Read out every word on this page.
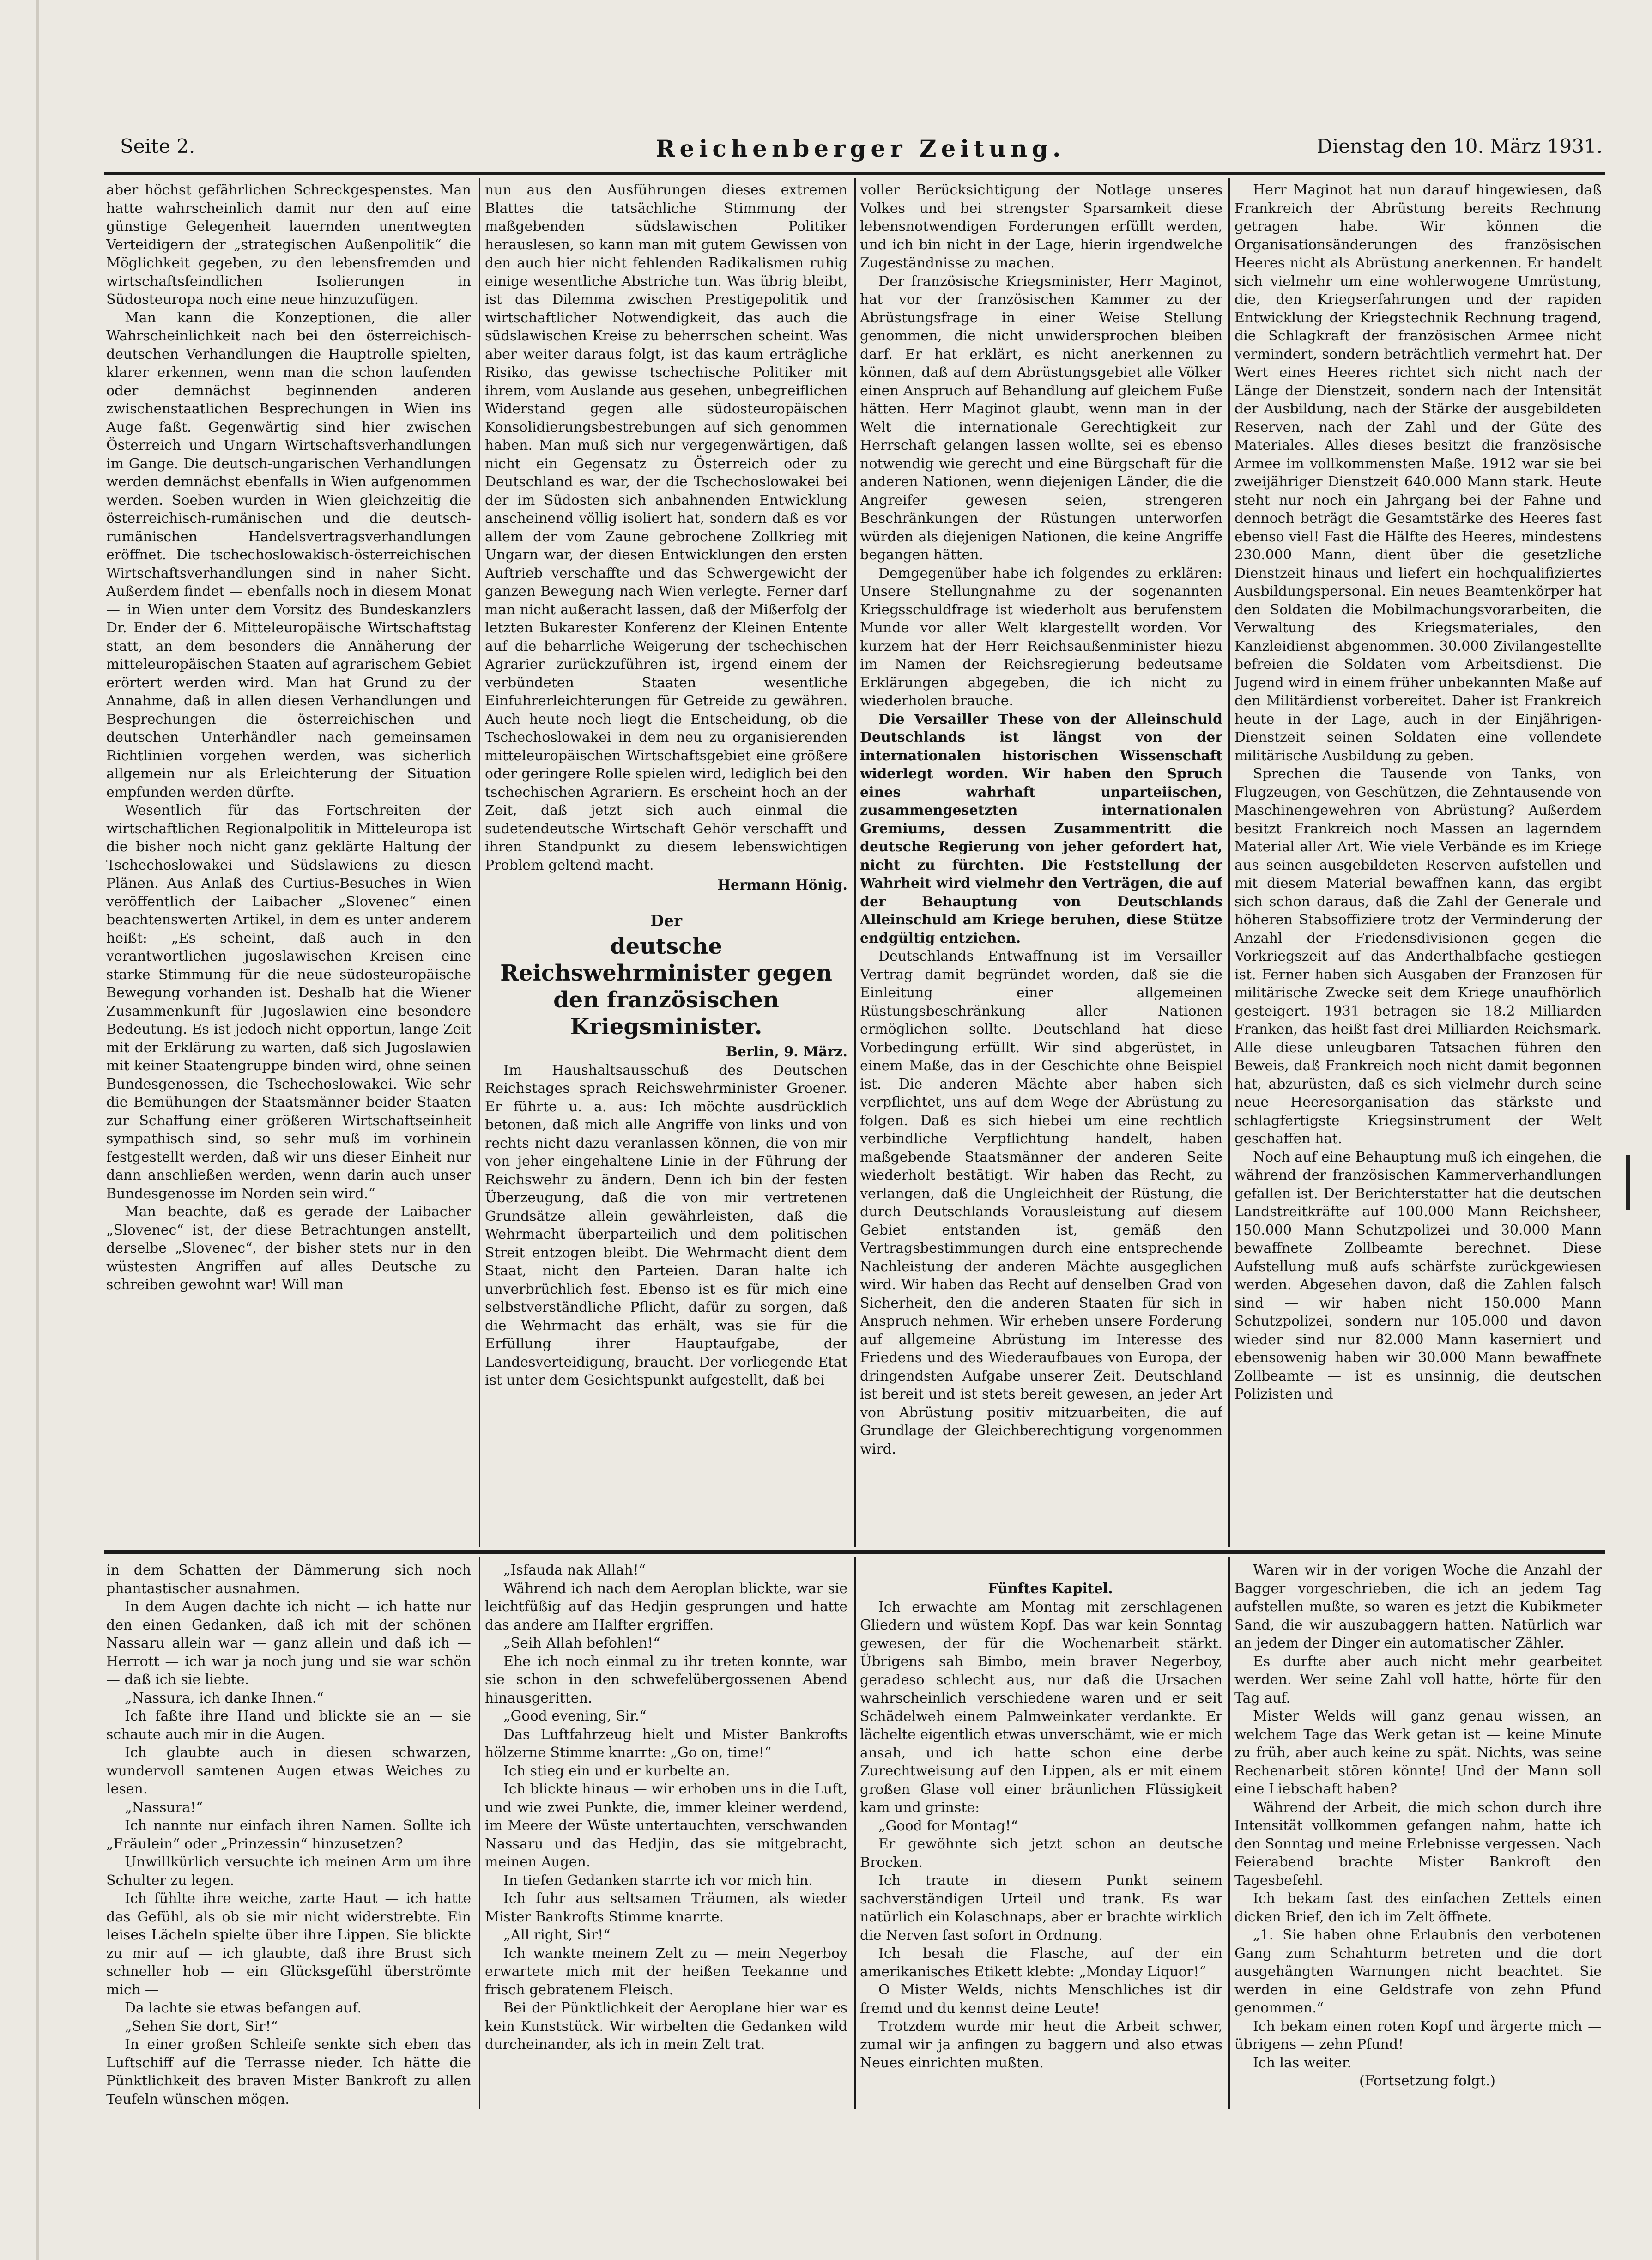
Seite 2.	Reichenberger Zeitung.	Dienstag den 10. März 1931.

aber höchst gefährlichen Schreckgespenstes. Man hatte wahrscheinlich damit nur den auf eine günstige Gelegenheit lauernden unentwegten Verteidigern der „strategischen Außenpolitik“ die Möglichkeit gegeben, zu den lebensfremden und wirtschaftsfeindlichen Isolierungen in Südosteuropa noch eine neue hinzuzufügen.

Man kann die Konzeptionen, die aller Wahrscheinlichkeit nach bei den österreichisch-deutschen Verhandlungen die Hauptrolle spielten, klarer erkennen, wenn man die schon laufenden oder demnächst beginnenden anderen zwischenstaatlichen Besprechungen in Wien ins Auge faßt. Gegenwärtig sind hier zwischen Österreich und Ungarn Wirtschaftsverhandlungen im Gange. Die deutsch-ungarischen Verhandlungen werden demnächst ebenfalls in Wien aufgenommen werden. Soeben wurden in Wien gleichzeitig die österreichisch-rumänischen und die deutsch-rumänischen Handelsvertragsverhandlungen eröffnet. Die tschechoslowakisch-österreichischen Wirtschaftsverhandlungen sind in naher Sicht. Außerdem findet — ebenfalls noch in diesem Monat — in Wien unter dem Vorsitz des Bundeskanzlers Dr. Ender der 6. Mitteleuropäische Wirtschaftstag statt, an dem besonders die Annäherung der mitteleuropäischen Staaten auf agrarischem Gebiet erörtert werden wird. Man hat Grund zu der Annahme, daß in allen diesen Verhandlungen und Besprechungen die österreichischen und deutschen Unterhändler nach gemeinsamen Richtlinien vorgehen werden, was sicherlich allgemein nur als Erleichterung der Situation empfunden werden dürfte.

Wesentlich für das Fortschreiten der wirtschaftlichen Regionalpolitik in Mitteleuropa ist die bisher noch nicht ganz geklärte Haltung der Tschechoslowakei und Südslawiens zu diesen Plänen. Aus Anlaß des Curtius-Besuches in Wien veröffentlich der Laibacher „Slovenec“ einen beachtenswerten Artikel, in dem es unter anderem heißt: „Es scheint, daß auch in den verantwortlichen jugoslawischen Kreisen eine starke Stimmung für die neue südosteuropäische Bewegung vorhanden ist. Deshalb hat die Wiener Zusammenkunft für Jugoslawien eine besondere Bedeutung. Es ist jedoch nicht opportun, lange Zeit mit der Erklärung zu warten, daß sich Jugoslawien mit keiner Staatengruppe binden wird, ohne seinen Bundesgenossen, die Tschechoslowakei. Wie sehr die Bemühungen der Staatsmänner beider Staaten zur Schaffung einer größeren Wirtschaftseinheit sympathisch sind, so sehr muß im vorhinein festgestellt werden, daß wir uns dieser Einheit nur dann anschließen werden, wenn darin auch unser Bundesgenosse im Norden sein wird.“

Man beachte, daß es gerade der Laibacher „Slovenec“ ist, der diese Betrachtungen anstellt, derselbe „Slovenec“, der bisher stets nur in den wüstesten Angriffen auf alles Deutsche zu schreiben gewohnt war! Will man

nun aus den Ausführungen dieses extremen Blattes die tatsächliche Stimmung der maßgebenden südslawischen Politiker herauslesen, so kann man mit gutem Gewissen von den auch hier nicht fehlenden Radikalismen ruhig einige wesentliche Abstriche tun. Was übrig bleibt, ist das Dilemma zwischen Prestigepolitik und wirtschaftlicher Notwendigkeit, das auch die südslawischen Kreise zu beherrschen scheint. Was aber weiter daraus folgt, ist das kaum erträgliche Risiko, das gewisse tschechische Politiker mit ihrem, vom Auslande aus gesehen, unbegreiflichen Widerstand gegen alle südosteuropäischen Konsolidierungsbestrebungen auf sich genommen haben. Man muß sich nur vergegenwärtigen, daß nicht ein Gegensatz zu Österreich oder zu Deutschland es war, der die Tschechoslowakei bei der im Südosten sich anbahnenden Entwicklung anscheinend völlig isoliert hat, sondern daß es vor allem der vom Zaune gebrochene Zollkrieg mit Ungarn war, der diesen Entwicklungen den ersten Auftrieb verschaffte und das Schwergewicht der ganzen Bewegung nach Wien verlegte. Ferner darf man nicht außeracht lassen, daß der Mißerfolg der letzten Bukarester Konferenz der Kleinen Entente auf die beharrliche Weigerung der tschechischen Agrarier zurückzuführen ist, irgend einem der verbündeten Staaten wesentliche Einfuhrerleichterungen für Getreide zu gewähren. Auch heute noch liegt die Entscheidung, ob die Tschechoslowakei in dem neu zu organisierenden mitteleuropäischen Wirtschaftsgebiet eine größere oder geringere Rolle spielen wird, lediglich bei den tschechischen Agrariern. Es erscheint hoch an der Zeit, daß jetzt sich auch einmal die sudetendeutsche Wirtschaft Gehör verschafft und ihren Standpunkt zu diesem lebenswichtigen Problem geltend macht.

Hermann Hönig.

Der
deutsche Reichswehrminister gegen den französischen Kriegsminister.

Berlin, 9. März.

Im Haushaltsausschuß des Deutschen Reichstages sprach Reichswehrminister Groener. Er führte u. a. aus: Ich möchte ausdrücklich betonen, daß mich alle Angriffe von links und von rechts nicht dazu veranlassen können, die von mir von jeher eingehaltene Linie in der Führung der Reichswehr zu ändern. Denn ich bin der festen Überzeugung, daß die von mir vertretenen Grundsätze allein gewährleisten, daß die Wehrmacht überparteilich und dem politischen Streit entzogen bleibt. Die Wehrmacht dient dem Staat, nicht den Parteien. Daran halte ich unverbrüchlich fest. Ebenso ist es für mich eine selbstverständliche Pflicht, dafür zu sorgen, daß die Wehrmacht das erhält, was sie für die Erfüllung ihrer Hauptaufgabe, der Landesverteidigung, braucht. Der vorliegende Etat ist unter dem Gesichtspunkt aufgestellt, daß bei

voller Berücksichtigung der Notlage unseres Volkes und bei strengster Sparsamkeit diese lebensnotwendigen Forderungen erfüllt werden, und ich bin nicht in der Lage, hierin irgendwelche Zugeständnisse zu machen.

Der französische Kriegsminister, Herr Maginot, hat vor der französischen Kammer zu der Abrüstungsfrage in einer Weise Stellung genommen, die nicht unwidersprochen bleiben darf. Er hat erklärt, es nicht anerkennen zu können, daß auf dem Abrüstungsgebiet alle Völker einen Anspruch auf Behandlung auf gleichem Fuße hätten. Herr Maginot glaubt, wenn man in der Welt die internationale Gerechtigkeit zur Herrschaft gelangen lassen wollte, sei es ebenso notwendig wie gerecht und eine Bürgschaft für die anderen Nationen, wenn diejenigen Länder, die die Angreifer gewesen seien, strengeren Beschränkungen der Rüstungen unterworfen würden als diejenigen Nationen, die keine Angriffe begangen hätten.

Demgegenüber habe ich folgendes zu erklären: Unsere Stellungnahme zu der sogenannten Kriegsschuldfrage ist wiederholt aus berufenstem Munde vor aller Welt klargestellt worden. Vor kurzem hat der Herr Reichsaußenminister hiezu im Namen der Reichsregierung bedeutsame Erklärungen abgegeben, die ich nicht zu wiederholen brauche.

Die Versailler These von der Alleinschuld Deutschlands ist längst von der internationalen historischen Wissenschaft widerlegt worden. Wir haben den Spruch eines wahrhaft unparteiischen, zusammengesetzten internationalen Gremiums, dessen Zusammentritt die deutsche Regierung von jeher gefordert hat, nicht zu fürchten. Die Feststellung der Wahrheit wird vielmehr den Verträgen, die auf der Behauptung von Deutschlands Alleinschuld am Kriege beruhen, diese Stütze endgültig entziehen.

Deutschlands Entwaffnung ist im Versailler Vertrag damit begründet worden, daß sie die Einleitung einer allgemeinen Rüstungsbeschränkung aller Nationen ermöglichen sollte. Deutschland hat diese Vorbedingung erfüllt. Wir sind abgerüstet, in einem Maße, das in der Geschichte ohne Beispiel ist. Die anderen Mächte aber haben sich verpflichtet, uns auf dem Wege der Abrüstung zu folgen. Daß es sich hiebei um eine rechtlich verbindliche Verpflichtung handelt, haben maßgebende Staatsmänner der anderen Seite wiederholt bestätigt. Wir haben das Recht, zu verlangen, daß die Ungleichheit der Rüstung, die durch Deutschlands Vorausleistung auf diesem Gebiet entstanden ist, gemäß den Vertragsbestimmungen durch eine entsprechende Nachleistung der anderen Mächte ausgeglichen wird. Wir haben das Recht auf denselben Grad von Sicherheit, den die anderen Staaten für sich in Anspruch nehmen. Wir erheben unsere Forderung auf allgemeine Abrüstung im Interesse des Friedens und des Wiederaufbaues von Europa, der dringendsten Aufgabe unserer Zeit. Deutschland ist bereit und ist stets bereit gewesen, an jeder Art von Abrüstung positiv mitzuarbeiten, die auf Grundlage der Gleichberechtigung vorgenommen wird.

Herr Maginot hat nun darauf hingewiesen, daß Frankreich der Abrüstung bereits Rechnung getragen habe. Wir können die Organisationsänderungen des französischen Heeres nicht als Abrüstung anerkennen. Er handelt sich vielmehr um eine wohlerwogene Umrüstung, die, den Kriegserfahrungen und der rapiden Entwicklung der Kriegstechnik Rechnung tragend, die Schlagkraft der französischen Armee nicht vermindert, sondern beträchtlich vermehrt hat. Der Wert eines Heeres richtet sich nicht nach der Länge der Dienstzeit, sondern nach der Intensität der Ausbildung, nach der Stärke der ausgebildeten Reserven, nach der Zahl und der Güte des Materiales. Alles dieses besitzt die französische Armee im vollkommensten Maße. 1912 war sie bei zweijähriger Dienstzeit 640.000 Mann stark. Heute steht nur noch ein Jahrgang bei der Fahne und dennoch beträgt die Gesamtstärke des Heeres fast ebenso viel! Fast die Hälfte des Heeres, mindestens 230.000 Mann, dient über die gesetzliche Dienstzeit hinaus und liefert ein hochqualifiziertes Ausbildungspersonal. Ein neues Beamtenkörper hat den Soldaten die Mobilmachungsvorarbeiten, die Verwaltung des Kriegsmateriales, den Kanzleidienst abgenommen. 30.000 Zivilangestellte befreien die Soldaten vom Arbeitsdienst. Die Jugend wird in einem früher unbekannten Maße auf den Militärdienst vorbereitet. Daher ist Frankreich heute in der Lage, auch in der Einjährigen-Dienstzeit seinen Soldaten eine vollendete militärische Ausbildung zu geben.

Sprechen die Tausende von Tanks, von Flugzeugen, von Geschützen, die Zehntausende von Maschinengewehren von Abrüstung? Außerdem besitzt Frankreich noch Massen an lagerndem Material aller Art. Wie viele Verbände es im Kriege aus seinen ausgebildeten Reserven aufstellen und mit diesem Material bewaffnen kann, das ergibt sich schon daraus, daß die Zahl der Generale und höheren Stabsoffiziere trotz der Verminderung der Anzahl der Friedensdivisionen gegen die Vorkriegszeit auf das Anderthalbfache gestiegen ist. Ferner haben sich Ausgaben der Franzosen für militärische Zwecke seit dem Kriege unaufhörlich gesteigert. 1931 betragen sie 18.2 Milliarden Franken, das heißt fast drei Milliarden Reichsmark. Alle diese unleugbaren Tatsachen führen den Beweis, daß Frankreich noch nicht damit begonnen hat, abzurüsten, daß es sich vielmehr durch seine neue Heeresorganisation das stärkste und schlagfertigste Kriegsinstrument der Welt geschaffen hat.

Noch auf eine Behauptung muß ich eingehen, die während der französischen Kammerverhandlungen gefallen ist. Der Berichterstatter hat die deutschen Landstreitkräfte auf 100.000 Mann Reichsheer, 150.000 Mann Schutzpolizei und 30.000 Mann bewaffnete Zollbeamte berechnet. Diese Aufstellung muß aufs schärfste zurückgewiesen werden. Abgesehen davon, daß die Zahlen falsch sind — wir haben nicht 150.000 Mann Schutzpolizei, sondern nur 105.000 und davon wieder sind nur 82.000 Mann kaserniert und ebensowenig haben wir 30.000 Mann bewaffnete Zollbeamte — ist es unsinnig, die deutschen Polizisten und

in dem Schatten der Dämmerung sich noch phantastischer ausnahmen.

In dem Augen dachte ich nicht — ich hatte nur den einen Gedanken, daß ich mit der schönen Nassaru allein war — ganz allein und daß ich — Herrott — ich war ja noch jung und sie war schön — daß ich sie liebte.

„Nassura, ich danke Ihnen.“

Ich faßte ihre Hand und blickte sie an — sie schaute auch mir in die Augen.

Ich glaubte auch in diesen schwarzen, wundervoll samtenen Augen etwas Weiches zu lesen.

„Nassura!“

Ich nannte nur einfach ihren Namen. Sollte ich „Fräulein“ oder „Prinzessin“ hinzusetzen?

Unwillkürlich versuchte ich meinen Arm um ihre Schulter zu legen.

Ich fühlte ihre weiche, zarte Haut — ich hatte das Gefühl, als ob sie mir nicht widerstrebte. Ein leises Lächeln spielte über ihre Lippen. Sie blickte zu mir auf — ich glaubte, daß ihre Brust sich schneller hob — ein Glücksgefühl überströmte mich —

Da lachte sie etwas befangen auf.

„Sehen Sie dort, Sir!“

In einer großen Schleife senkte sich eben das Luftschiff auf die Terrasse nieder. Ich hätte die Pünktlichkeit des braven Mister Bankroft zu allen Teufeln wünschen mögen.

„Isfauda nak Allah!“

Während ich nach dem Aeroplan blickte, war sie leichtfüßig auf das Hedjin gesprungen und hatte das andere am Halfter ergriffen.

„Seih Allah befohlen!“

Ehe ich noch einmal zu ihr treten konnte, war sie schon in den schwefelübergossenen Abend hinausgeritten.

„Good evening, Sir.“

Das Luftfahrzeug hielt und Mister Bankrofts hölzerne Stimme knarrte: „Go on, time!“

Ich stieg ein und er kurbelte an.

Ich blickte hinaus — wir erhoben uns in die Luft, und wie zwei Punkte, die, immer kleiner werdend, im Meere der Wüste untertauchten, verschwanden Nassaru und das Hedjin, das sie mitgebracht, meinen Augen.

In tiefen Gedanken starrte ich vor mich hin.

Ich fuhr aus seltsamen Träumen, als wieder Mister Bankrofts Stimme knarrte.

„All right, Sir!“

Ich wankte meinem Zelt zu — mein Negerboy erwartete mich mit der heißen Teekanne und frisch gebratenem Fleisch.

Bei der Pünktlichkeit der Aeroplane hier war es kein Kunststück. Wir wirbelten die Gedanken wild durcheinander, als ich in mein Zelt trat.

Fünftes Kapitel.

Ich erwachte am Montag mit zerschlagenen Gliedern und wüstem Kopf. Das war kein Sonntag gewesen, der für die Wochenarbeit stärkt. Übrigens sah Bimbo, mein braver Negerboy, geradeso schlecht aus, nur daß die Ursachen wahrscheinlich verschiedene waren und er seit Schädelweh einem Palmweinkater verdankte. Er lächelte eigentlich etwas unverschämt, wie er mich ansah, und ich hatte schon eine derbe Zurechtweisung auf den Lippen, als er mit einem großen Glase voll einer bräunlichen Flüssigkeit kam und grinste:

„Good for Montag!“

Er gewöhnte sich jetzt schon an deutsche Brocken.

Ich traute in diesem Punkt seinem sachverständigen Urteil und trank. Es war natürlich ein Kolaschnaps, aber er brachte wirklich die Nerven fast sofort in Ordnung.

Ich besah die Flasche, auf der ein amerikanisches Etikett klebte: „Monday Liquor!“

O Mister Welds, nichts Menschliches ist dir fremd und du kennst deine Leute!

Trotzdem wurde mir heut die Arbeit schwer, zumal wir ja anfingen zu baggern und also etwas Neues einrichten mußten.

Waren wir in der vorigen Woche die Anzahl der Bagger vorgeschrieben, die ich an jedem Tag aufstellen mußte, so waren es jetzt die Kubikmeter Sand, die wir auszubaggern hatten. Natürlich war an jedem der Dinger ein automatischer Zähler.

Es durfte aber auch nicht mehr gearbeitet werden. Wer seine Zahl voll hatte, hörte für den Tag auf.

Mister Welds will ganz genau wissen, an welchem Tage das Werk getan ist — keine Minute zu früh, aber auch keine zu spät. Nichts, was seine Rechenarbeit stören könnte! Und der Mann soll eine Liebschaft haben?

Während der Arbeit, die mich schon durch ihre Intensität vollkommen gefangen nahm, hatte ich den Sonntag und meine Erlebnisse vergessen. Nach Feierabend brachte Mister Bankroft den Tagesbefehl.

Ich bekam fast des einfachen Zettels einen dicken Brief, den ich im Zelt öffnete.

„1. Sie haben ohne Erlaubnis den verbotenen Gang zum Schahturm betreten und die dort ausgehängten Warnungen nicht beachtet. Sie werden in eine Geldstrafe von zehn Pfund genommen.“

Ich bekam einen roten Kopf und ärgerte mich — übrigens — zehn Pfund!

Ich las weiter.

(Fortsetzung folgt.)
